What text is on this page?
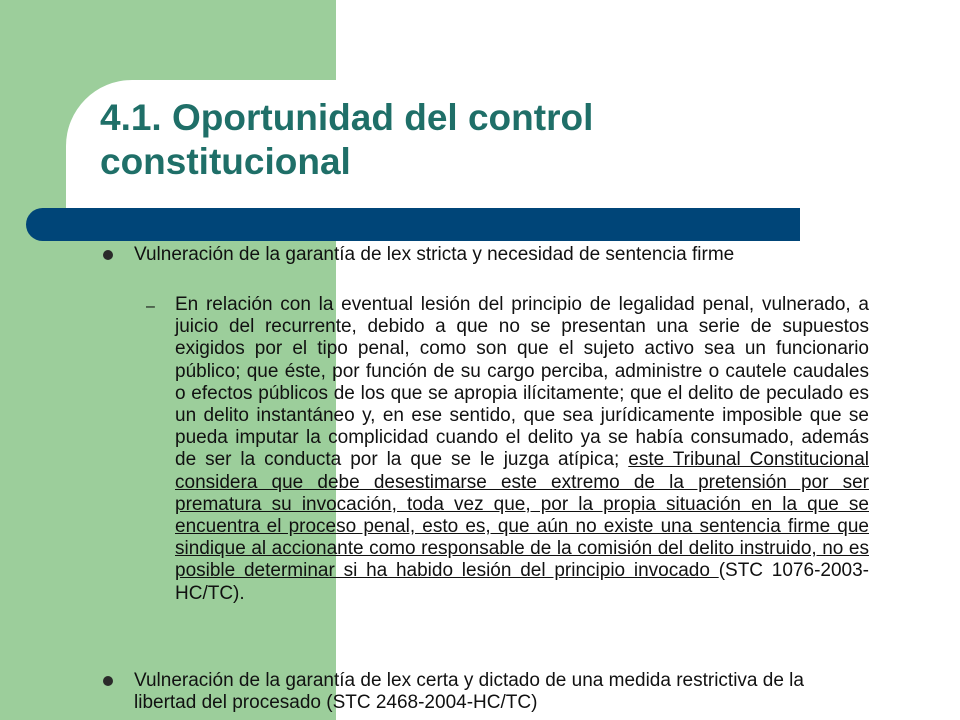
4.1. Oportunidad del control constitucional
Vulneración de la garantía de lex stricta y necesidad de sentencia firme
– En relación con la eventual lesión del principio de legalidad penal, vulnerado, a juicio del recurrente, debido a que no se presentan una serie de supuestos exigidos por el tipo penal, como son que el sujeto activo sea un funcionario público; que éste, por función de su cargo perciba, administre o cautele caudales o efectos públicos de los que se apropia ilícitamente; que el delito de peculado es un delito instantáneo y, en ese sentido, que sea jurídicamente imposible que se pueda imputar la complicidad cuando el delito ya se había consumado, además de ser la conducta por la que se le juzga atípica; este Tribunal Constitucional considera que debe desestimarse este extremo de la pretensión por ser prematura su invocación, toda vez que, por la propia situación en la que se encuentra el proceso penal, esto es, que aún no existe una sentencia firme que sindique al accionante como responsable de la comisión del delito instruido, no es posible determinar si ha habido lesión del principio invocado (STC 1076-2003-HC/TC).
Vulneración de la garantía de lex certa y dictado de una medida restrictiva de la libertad del procesado (STC 2468-2004-HC/TC)
